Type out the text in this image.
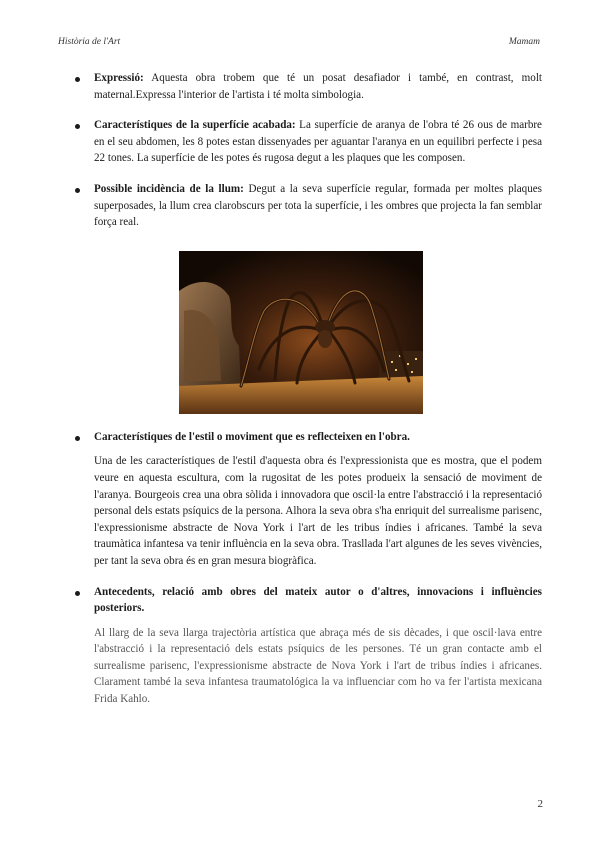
Història de l'Art	Mamam
Expressió: Aquesta obra trobem que té un posat desafiador i també, en contrast, molt maternal.Expressa l'interior de l'artista i té molta simbologia.
Característiques de la superfície acabada: La superfície de aranya de l'obra té 26 ous de marbre en el seu abdomen, les 8 potes estan dissenyades per aguantar l'aranya en un equilibri perfecte i pesa 22 tones. La superfície de les potes és rugosa degut a les plaques que les composen.
Possible incidència de la llum: Degut a la seva superfície regular, formada per moltes plaques superposades, la llum crea clarobscurs per tota la superfície, i les ombres que projecta la fan semblar força real.
Característiques de l'estil o moviment que es reflecteixen en l'obra.

Una de les característiques de l'estil d'aquesta obra és l'expressionista que es mostra, que el podem veure en aquesta escultura, com la rugositat de les potes produeix la sensació de moviment de l'aranya. Bourgeois crea una obra sòlida i innovadora que oscil·la entre l'abstracció i la representació personal dels estats psíquics de la persona. Alhora la seva obra s'ha enriquit del surrealisme parisenc, l'expressionisme abstracte de Nova York i l'art de les tribus índies i africanes. També la seva traumàtica infantesa va tenir influència en la seva obra. Trasllada l'art algunes de les seves vivències, per tant la seva obra és en gran mesura biogràfica.

Antecedents, relació amb obres del mateix autor o d'altres, innovacions i influències posteriors.

Al llarg de la seva llarga trajectòria artística que abraça més de sis dècades, i que oscil·lava entre l'abstracció i la representació dels estats psíquics de les persones. Té un gran contacte amb el surrealisme parisenc, l'expressionisme abstracte de Nova York i l'art de tribus índies i africanes. Clarament també la seva infantesa traumatológica la va influenciar com ho va fer l'artista mexicana Frida Kahlo.

2
